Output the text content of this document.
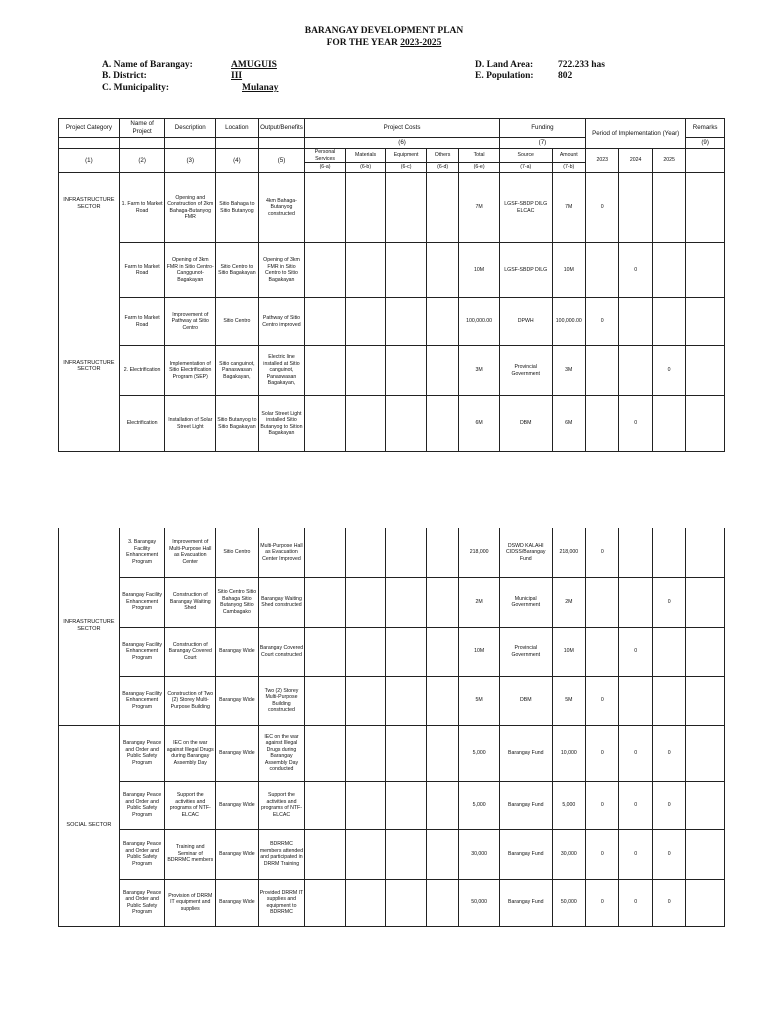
BARANGAY DEVELOPMENT PLAN
FOR THE YEAR 2023-2025
A. Name of Barangay:	AMUGUIS
B. District:	III
C. Municipality:	Mulanay
D. Land Area:	722.233 has
E. Population:	802
Project Category	Name of Project	Description	Location	Output/Benefits	Project Costs					Funding		Period of Implementation (Year)			Remarks
					(6)					(7)					(9)
(1)	(2)	(3)	(4)	(5)	Personal Services	Materials	Equipment	Others	Total	Source	Amount	2023	2024	2025	
					(6-a)	(6-b)	(6-c)	(6-d)	(6-e)	(7-a)	(7-b)				
INFRASTRUCTURE SECTOR	1. Farm to Market Road	Opening and Construction of 2km Bahaga-Butanyog FMR	Sitio Bahaga to Sitio Butanyog	4km Bahaga-Butanyog constructed					7M	LGSF-SBDP DILG ELCAC	7M	0			
	Farm to Market Road	Opening of 3km FMR in Sitio Centro-Canggunot-Bagakayan	Sitio Centro to Sitio Bagakayan	Opening of 3km FMR in Sitio Centro to Sitio Bagakayan					10M	LGSF-SBDP DILG	10M		0		
	Farm to Market Road	Improvement of Pathway at Sitio Centro	Sitio Centro	Pathway of Sitio Centro improved					100,000.00	DPWH	100,000.00	0			
INFRASTRUCTURE SECTOR	2. Electrification	Implementation of Sitio Electrification Program (SEP)	Sitio canguinot, Panaswasan Bagakayan,	Electric line installed at Sitio canguinot, Panaswasan Bagakayan,					3M	Provincial Government	3M			0	
	Electrification	Installation of Solar Street Light	Sitio Butanyog to Sitio Bagakayan	Solar Street Light installed Sitio Butanyog to Sition Bagakayan					6M	DBM	6M		0		
INFRASTRUCTURE SECTOR	3. Barangay Facility Enhancement Program	Improvement of Multi-Purpose Hall as Evacuation Center	Sitio Centro	Multi-Purpose Hall as Evacuation Center Improved					218,000	DSWD KALAHI CIDSS/Barangay Fund	218,000	0			
	Barangay Facility Enhancement Program	Construction of Barangay Waiting Shed	Sitio Centro Sitio Bahaga Sitio Butanyog Sitio Cambagako	Barangay Waiting Shed constructed					2M	Municipal Government	2M			0	
	Barangay Facility Enhancement Program	Construction of Barangay Covered Court	Barangay Wide	Barangay Covered Court constructed					10M	Provincial Government	10M		0		
	Barangay Facility Enhancement Program	Construction of Two (2) Storey Multi-Purpose Building	Barangay Wide	Two (2) Storey Multi-Purpose Building constructed					5M	DBM	5M	0			
SOCIAL SECTOR	Barangay Peace and Order and Public Safety Program	IEC on the war against Illegal Drugs during Barangay Assembly Day	Barangay Wide	IEC on the war against Illegal Drugs during Barangay Assembly Day conducted					5,000	Barangay Fund	10,000	0	0	0	
	Barangay Peace and Order and Public Safety Program	Support the activities and programs of NTF-ELCAC	Barangay Wide	Support the activities and programs of NTF-ELCAC					5,000	Barangay Fund	5,000	0	0	0	
	Barangay Peace and Order and Public Safety Program	Training and Seminar of BDRRMC members	Barangay Wide	BDRRMC members attended and participated in DRRM Training					30,000	Barangay Fund	30,000	0	0	0	
	Barangay Peace and Order and Public Safety Program	Provision of DRRM IT equipment and supplies	Barangay Wide	Provided DRRM IT supplies and equipment to BDRRMC					50,000	Barangay Fund	50,000	0	0	0	
